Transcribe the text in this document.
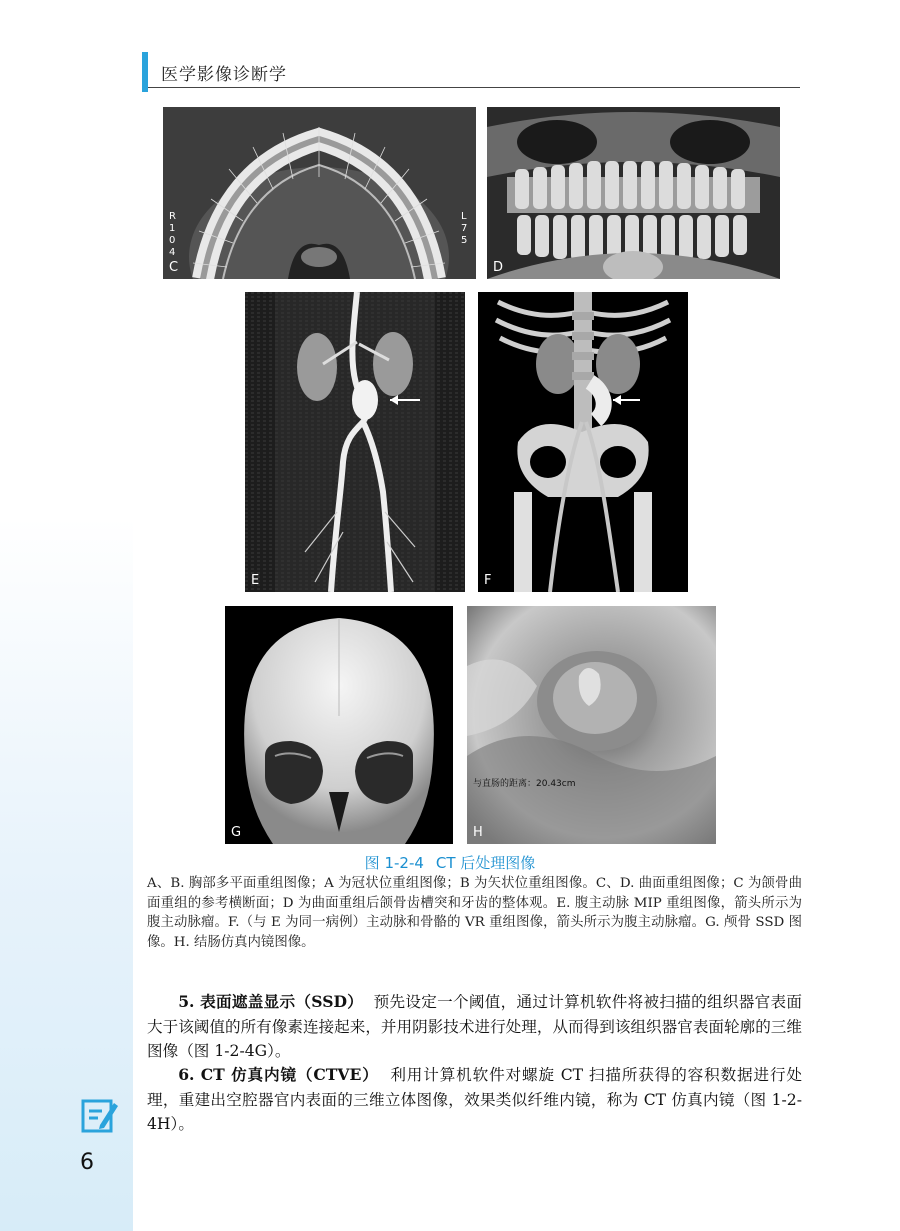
医学影像诊断学
R 104
L 75
C	D
E	F
G
与直肠的距离：20.43cm
H
图 1-2-4 CT 后处理图像
A、B. 胸部多平面重组图像；A 为冠状位重组图像；B 为矢状位重组图像。C、D. 曲面重组图像；C 为颌骨曲面重组的参考横断面；D 为曲面重组后颌骨齿槽突和牙齿的整体观。E. 腹主动脉 MIP 重组图像，箭头所示为腹主动脉瘤。F.（与 E 为同一病例）主动脉和骨骼的 VR 重组图像，箭头所示为腹主动脉瘤。G. 颅骨 SSD 图像。H. 结肠仿真内镜图像。
5. 表面遮盖显示（SSD） 预先设定一个阈值，通过计算机软件将被扫描的组织器官表面大于该阈值的所有像素连接起来，并用阴影技术进行处理，从而得到该组织器官表面轮廓的三维图像（图 1-2-4G）。
6. CT 仿真内镜（CTVE） 利用计算机软件对螺旋 CT 扫描所获得的容积数据进行处理，重建出空腔器官内表面的三维立体图像，效果类似纤维内镜，称为 CT 仿真内镜（图 1-2-4H）。
6
